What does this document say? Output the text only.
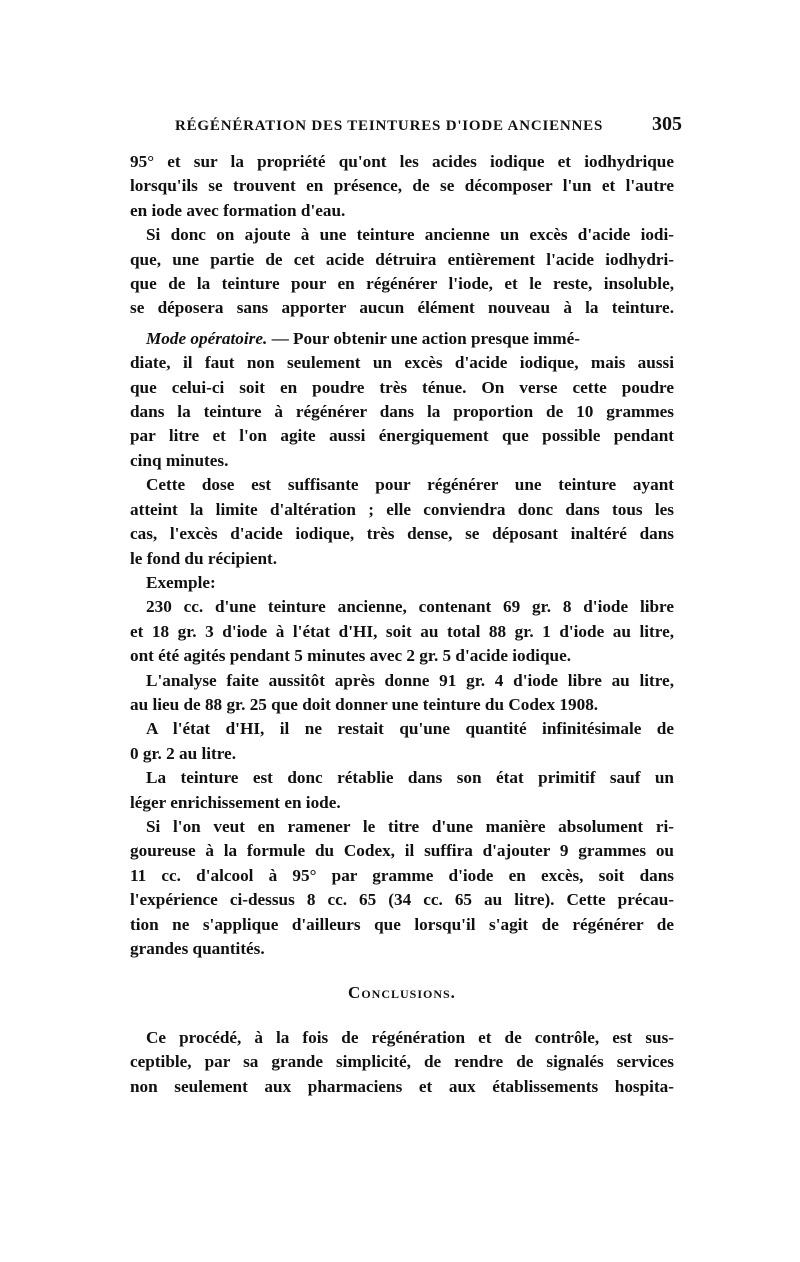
RÉGÉNÉRATION DES TEINTURES D'IODE ANCIENNES 305
95° et sur la propriété qu'ont les acides iodique et iodhydrique
lorsqu'ils se trouvent en présence, de se décomposer l'un et l'autre
en iode avec formation d'eau.
Si donc on ajoute à une teinture ancienne un excès d'acide iodi-
que, une partie de cet acide détruira entièrement l'acide iodhydri-
que de la teinture pour en régénérer l'iode, et le reste, insoluble,
se déposera sans apporter aucun élément nouveau à la teinture.
Mode opératoire. — Pour obtenir une action presque immé-
diate, il faut non seulement un excès d'acide iodique, mais aussi
que celui-ci soit en poudre très ténue. On verse cette poudre
dans la teinture à régénérer dans la proportion de 10 grammes
par litre et l'on agite aussi énergiquement que possible pendant
cinq minutes.
Cette dose est suffisante pour régénérer une teinture ayant
atteint la limite d'altération ; elle conviendra donc dans tous les
cas, l'excès d'acide iodique, très dense, se déposant inaltéré dans
le fond du récipient.
Exemple:
230 cc. d'une teinture ancienne, contenant 69 gr. 8 d'iode libre
et 18 gr. 3 d'iode à l'état d'HI, soit au total 88 gr. 1 d'iode au litre,
ont été agités pendant 5 minutes avec 2 gr. 5 d'acide iodique.
L'analyse faite aussitôt après donne 91 gr. 4 d'iode libre au litre,
au lieu de 88 gr. 25 que doit donner une teinture du Codex 1908.
A l'état d'HI, il ne restait qu'une quantité infinitésimale de
0 gr. 2 au litre.
La teinture est donc rétablie dans son état primitif sauf un
léger enrichissement en iode.
Si l'on veut en ramener le titre d'une manière absolument ri-
goureuse à la formule du Codex, il suffira d'ajouter 9 grammes ou
11 cc. d'alcool à 95° par gramme d'iode en excès, soit dans
l'expérience ci-dessus 8 cc. 65 (34 cc. 65 au litre). Cette précau-
tion ne s'applique d'ailleurs que lorsqu'il s'agit de régénérer de
grandes quantités.
Conclusions.
Ce procédé, à la fois de régénération et de contrôle, est sus-
ceptible, par sa grande simplicité, de rendre de signalés services
non seulement aux pharmaciens et aux établissements hospita-
